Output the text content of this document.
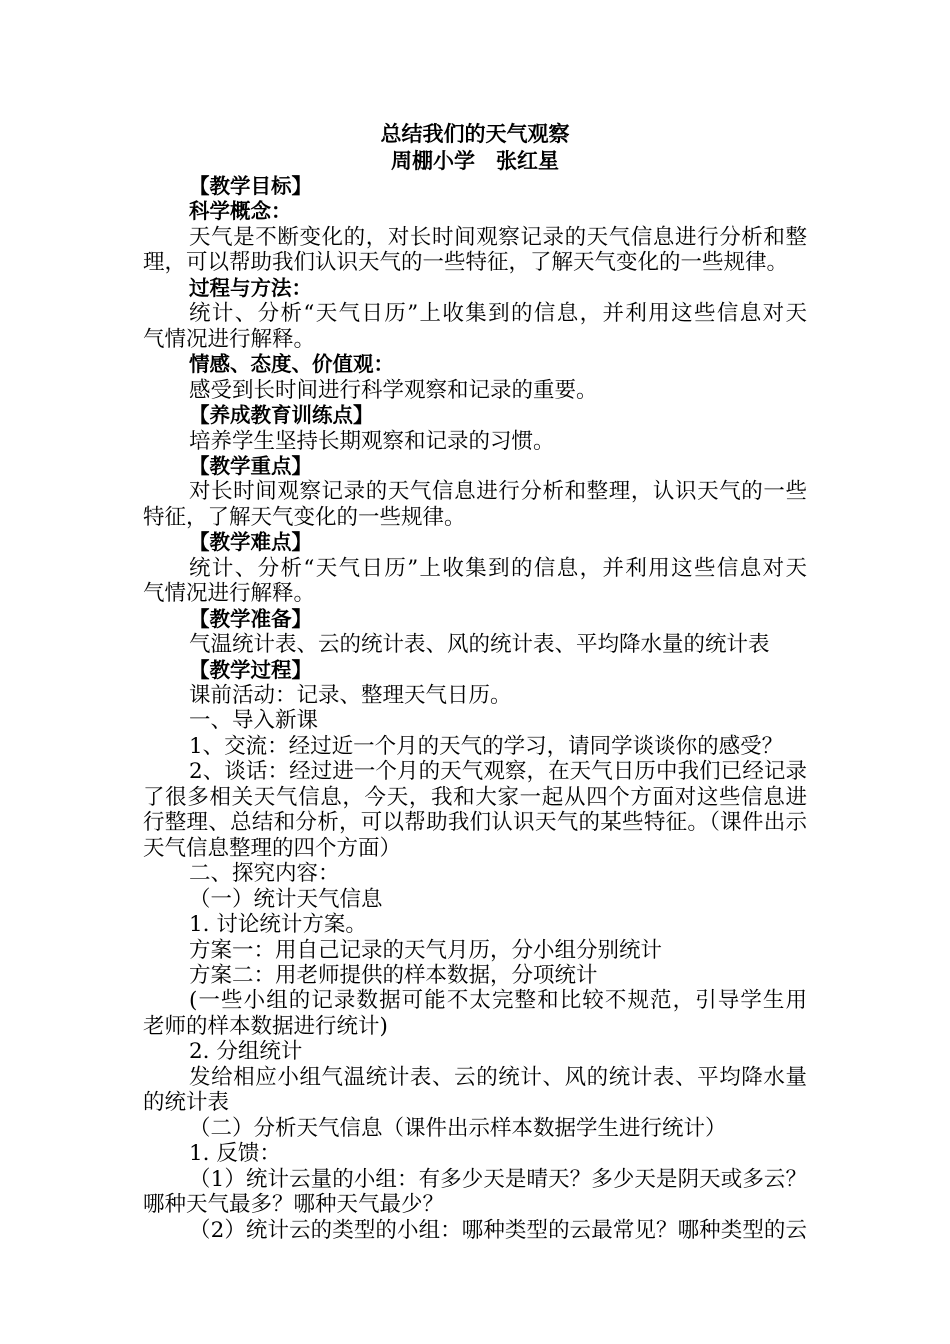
总结我们的天气观察
周棚小学　张红星
【教学目标】
科学概念：
天气是不断变化的，对长时间观察记录的天气信息进行分析和整
理，可以帮助我们认识天气的一些特征，了解天气变化的一些规律。
过程与方法：
统计、分析“天气日历”上收集到的信息，并利用这些信息对天
气情况进行解释。
情感、态度、价值观：
感受到长时间进行科学观察和记录的重要。
【养成教育训练点】
培养学生坚持长期观察和记录的习惯。
【教学重点】
对长时间观察记录的天气信息进行分析和整理，认识天气的一些
特征，了解天气变化的一些规律。
【教学难点】
统计、分析“天气日历”上收集到的信息，并利用这些信息对天
气情况进行解释。
【教学准备】
气温统计表、云的统计表、风的统计表、平均降水量的统计表
【教学过程】
课前活动：记录、整理天气日历。
一、导入新课
1、交流：经过近一个月的天气的学习，请同学谈谈你的感受？
2、谈话：经过进一个月的天气观察，在天气日历中我们已经记录
了很多相关天气信息，今天，我和大家一起从四个方面对这些信息进
行整理、总结和分析，可以帮助我们认识天气的某些特征。（课件出示
天气信息整理的四个方面）
二、探究内容：
（一）统计天气信息
1. 讨论统计方案。
方案一：用自己记录的天气月历，分小组分别统计
方案二：用老师提供的样本数据，分项统计
(一些小组的记录数据可能不太完整和比较不规范，引导学生用
老师的样本数据进行统计)
2. 分组统计
发给相应小组气温统计表、云的统计、风的统计表、平均降水量
的统计表
（二）分析天气信息（课件出示样本数据学生进行统计）
1. 反馈：
（1）统计云量的小组：有多少天是晴天？多少天是阴天或多云？
哪种天气最多？哪种天气最少？
（2）统计云的类型的小组：哪种类型的云最常见？哪种类型的云
